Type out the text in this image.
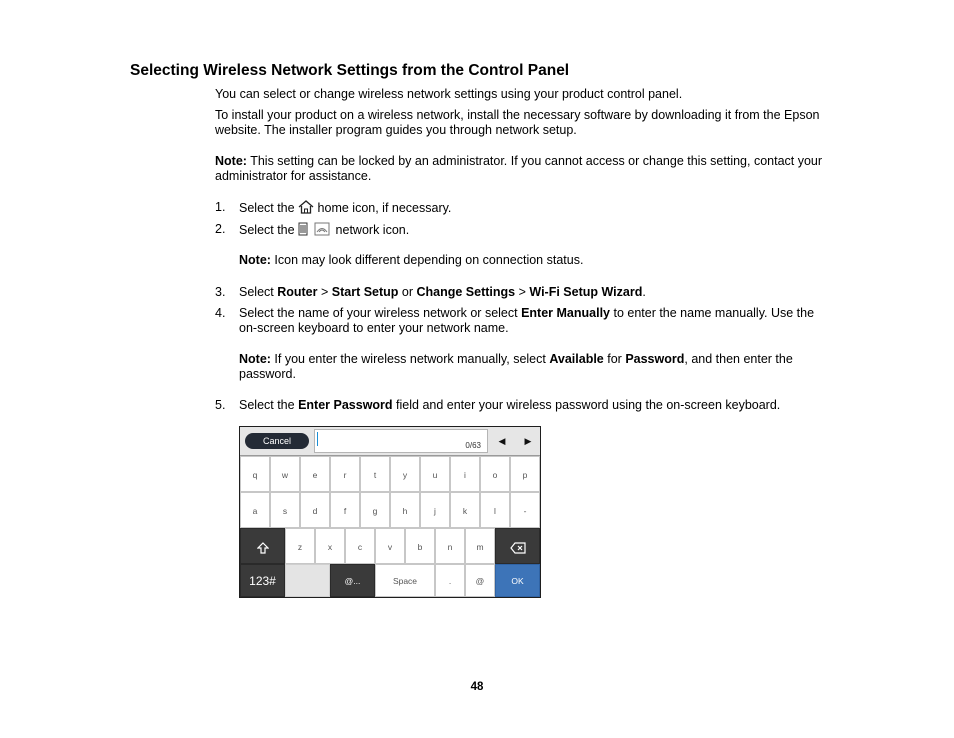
Selecting Wireless Network Settings from the Control Panel

You can select or change wireless network settings using your product control panel.

To install your product on a wireless network, install the necessary software by downloading it from the Epson website. The installer program guides you through network setup.

Note: This setting can be locked by an administrator. If you cannot access or change this setting, contact your administrator for assistance.

1. Select the  home icon, if necessary.
2. Select the	network icon.
Note: Icon may look different depending on connection status.
3. Select Router > Start Setup or Change Settings > Wi-Fi Setup Wizard.
4. Select the name of your wireless network or select Enter Manually to enter the name manually. Use the on-screen keyboard to enter your network name.
Note: If you enter the wireless network manually, select Available for Password, and then enter the password.
5. Select the Enter Password field and enter your wireless password using the on-screen keyboard.
Cancel	0/63	◀	▶
q	w	e	r	t	y	u	i	o	p
a	s	d	f	g	h	j	k	l	-
z	x	c	v	b	n	m
123#	@...	Space	.	@	OK
48
